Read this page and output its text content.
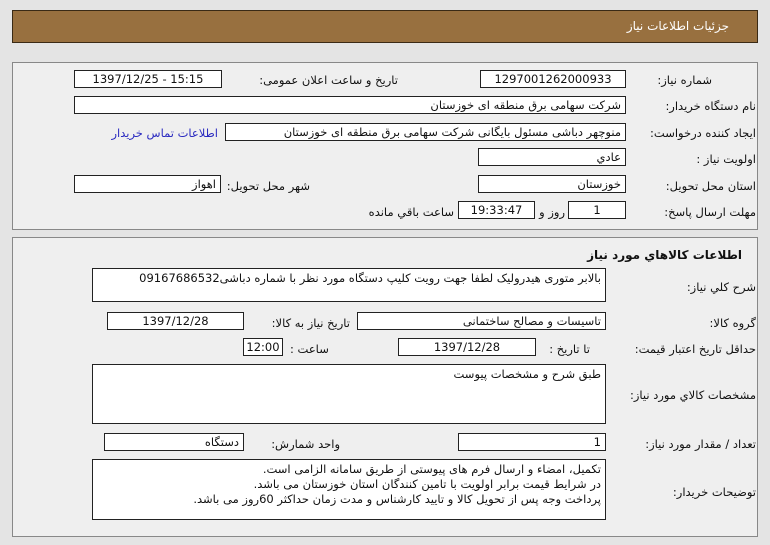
جزئیات اطلاعات نیاز
شماره نیاز:
1297001262000933
تاریخ و ساعت اعلان عمومی:
1397/12/25 - 15:15
نام دستگاه خریدار:
شرکت سهامی برق منطقه ای خوزستان
ایجاد کننده درخواست:
منوچهر دباشی مسئول بایگانی شرکت سهامی برق منطقه ای خوزستان
اطلاعات تماس خریدار
اولویت نیاز :
عادي
استان محل تحویل:
خوزستان
شهر محل تحویل:
اهواز
مهلت ارسال پاسخ:
1
روز و
19:33:47
ساعت باقي مانده
اطلاعات کالاهاي مورد نیاز
شرح کلي نیاز:
بالابر متوری هیدرولیک لطفا جهت رویت کلیپ دستگاه مورد نظر با شماره دباشی09167686532
گروه کالا:
تاسیسات و مصالح ساختمانی
تاریخ نیاز به کالا:
1397/12/28
حداقل تاریخ اعتبار قیمت:
تا تاریخ :
1397/12/28
ساعت :
12:00
مشخصات کالاي مورد نیاز:
طبق شرح و مشخصات پیوست
تعداد / مقدار مورد نیاز:
1
واحد شمارش:
دستگاه
توضیحات خریدار:
تکمیل، امضاء و ارسال فرم های پیوستی از طریق سامانه الزامی است.
در شرایط قیمت برابر اولویت با تامین کنندگان استان خوزستان می باشد.
پرداخت وجه پس از تحویل کالا و تایید کارشناس و مدت زمان حداکثر 60روز می باشد.
